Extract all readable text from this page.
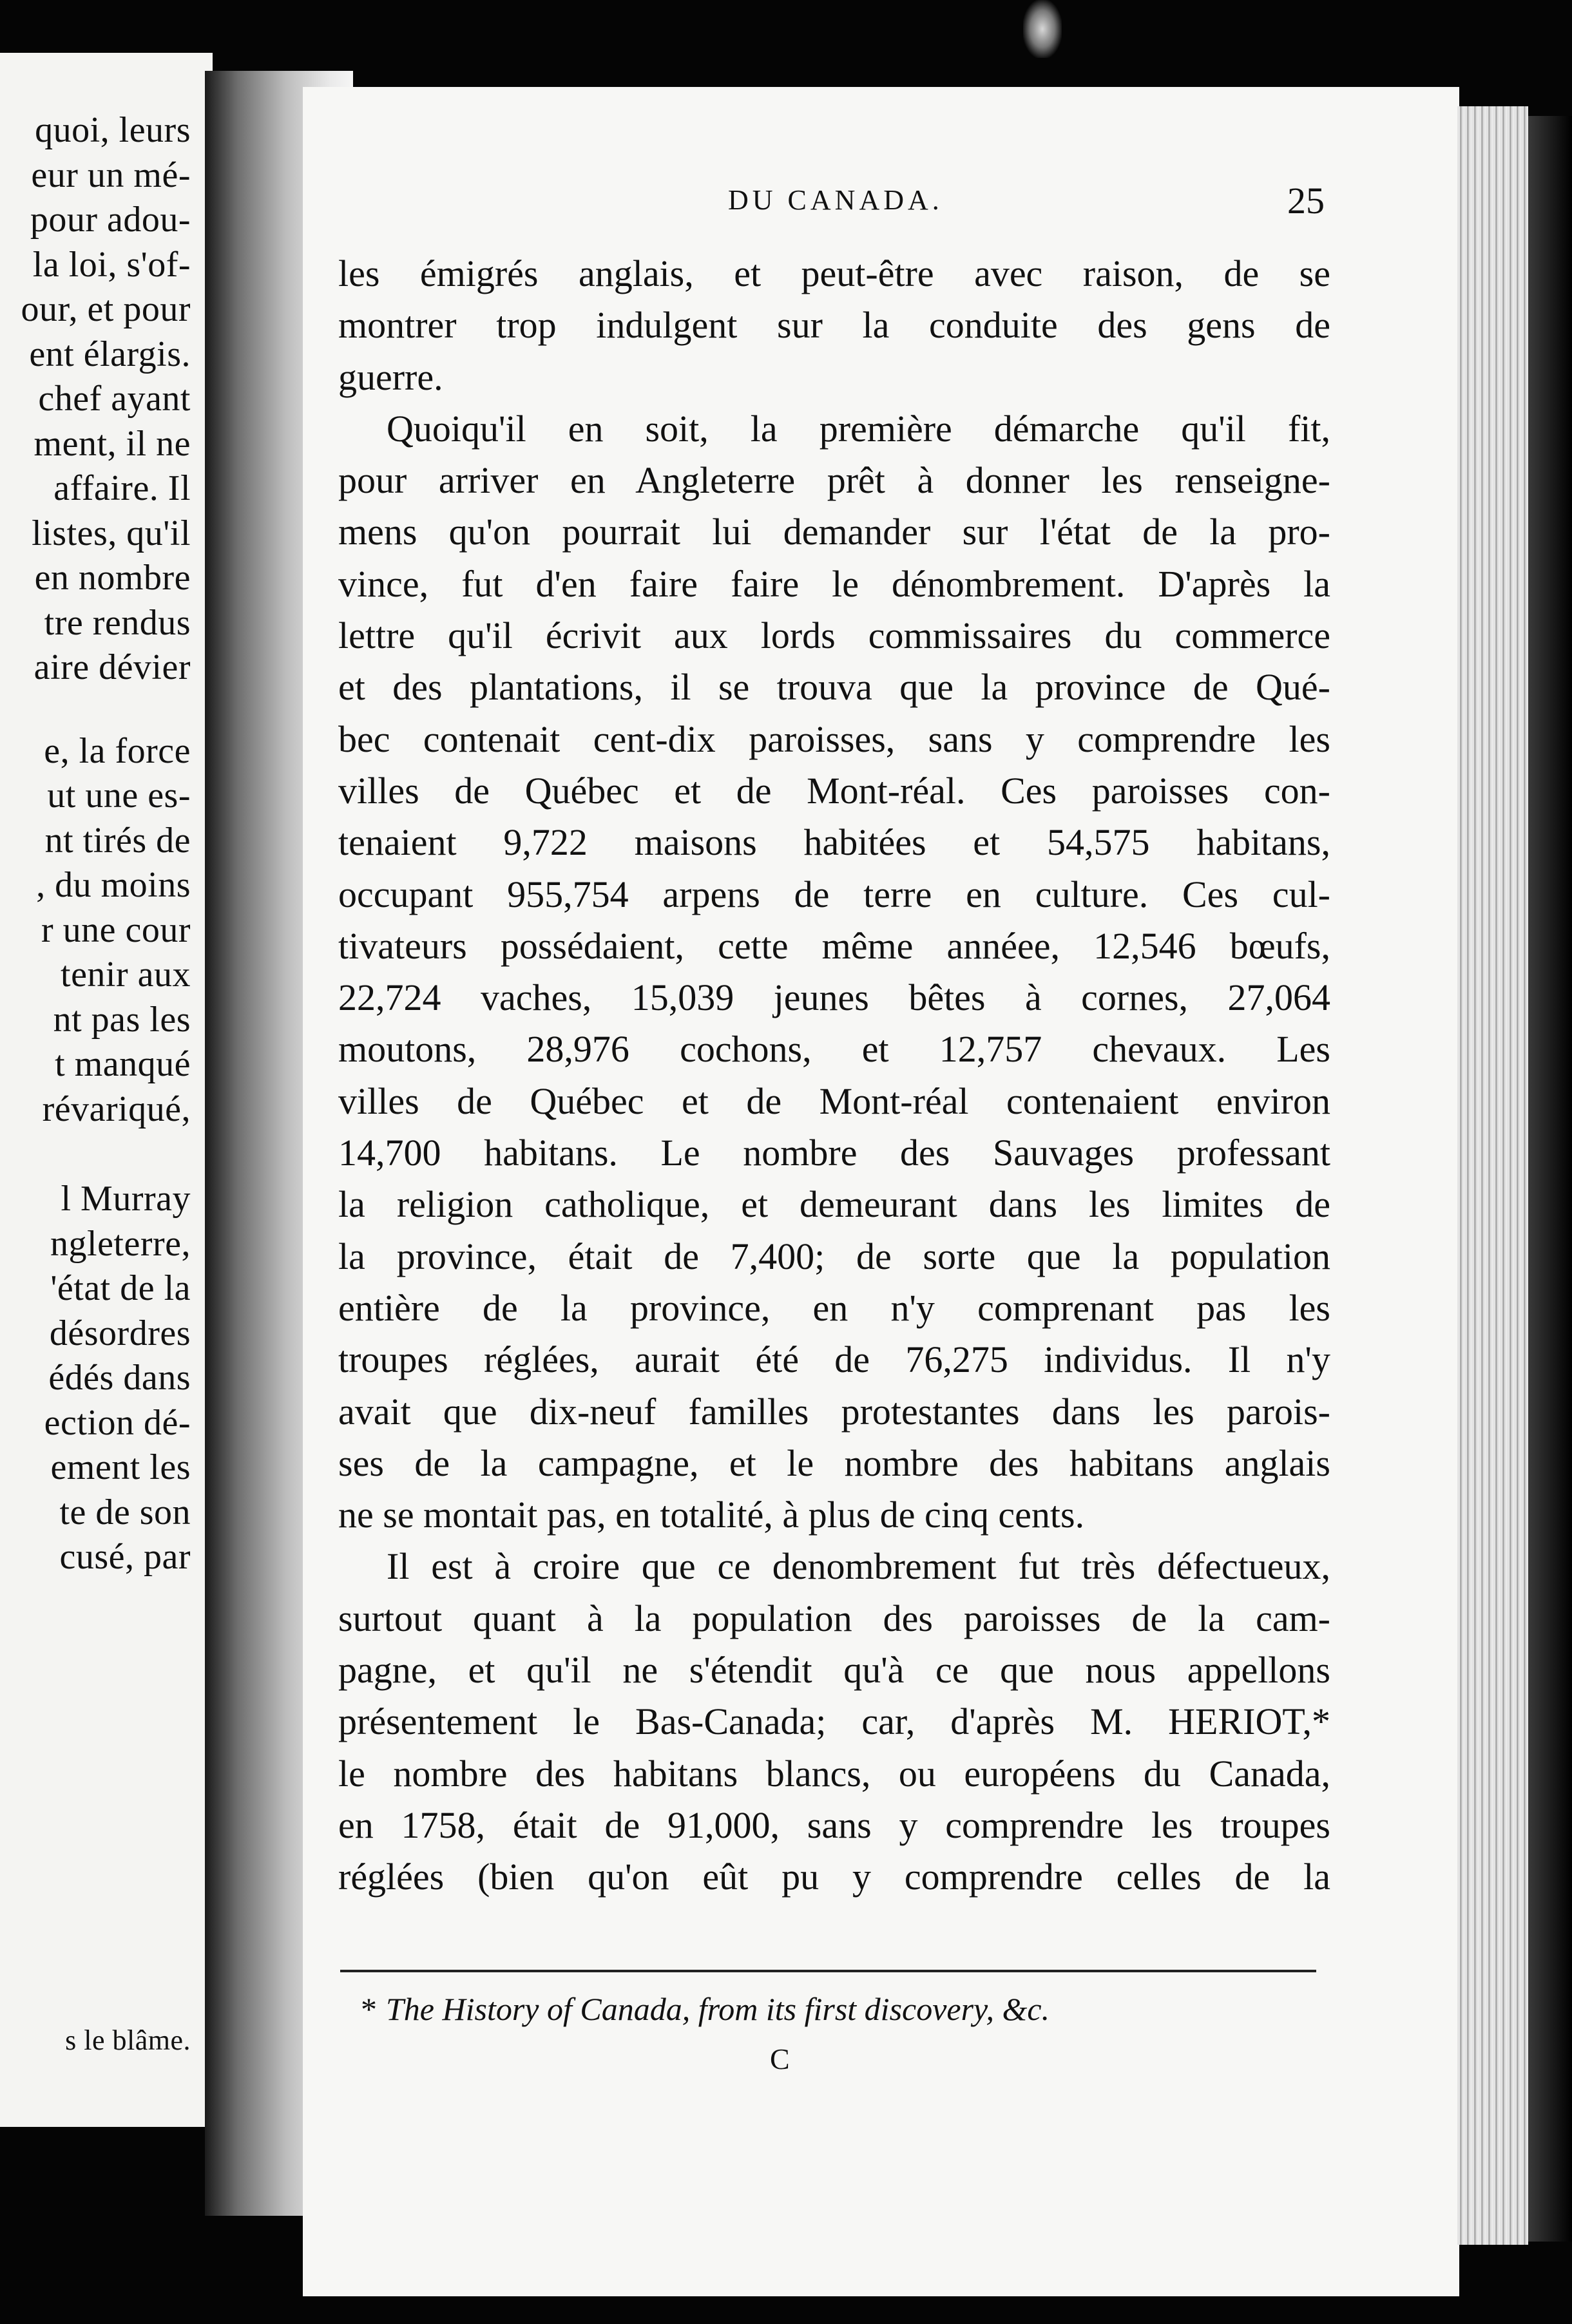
quoi, leurs
eur un mé-
pour adou-
la loi, s'of-
our, et pour
ent élargis.
chef ayant
ment, il ne
affaire. Il
listes, qu'il
en nombre
tre rendus
aire dévier
e, la force
ut une es-
nt tirés de
, du moins
r une cour
tenir aux
nt pas les
t manqué
révariqué,
l Murray
ngleterre,
'état de la
désordres
édés dans
ection dé-
ement les
te de son
cusé, par
s le blâme.
DU CANADA.	25
les émigrés anglais, et peut-être avec raison, de se
montrer trop indulgent sur la conduite des gens de
guerre.
Quoiqu'il en soit, la première démarche qu'il fit,
pour arriver en Angleterre prêt à donner les renseigne-
mens qu'on pourrait lui demander sur l'état de la pro-
vince, fut d'en faire faire le dénombrement. D'après la
lettre qu'il écrivit aux lords commissaires du commerce
et des plantations, il se trouva que la province de Qué-
bec contenait cent-dix paroisses, sans y comprendre les
villes de Québec et de Mont-réal. Ces paroisses con-
tenaient 9,722 maisons habitées et 54,575 habitans,
occupant 955,754 arpens de terre en culture. Ces cul-
tivateurs possédaient, cette même annéee, 12,546 bœufs,
22,724 vaches, 15,039 jeunes bêtes à cornes, 27,064
moutons, 28,976 cochons, et 12,757 chevaux. Les
villes de Québec et de Mont-réal contenaient environ
14,700 habitans. Le nombre des Sauvages professant
la religion catholique, et demeurant dans les limites de
la province, était de 7,400; de sorte que la population
entière de la province, en n'y comprenant pas les
troupes réglées, aurait été de 76,275 individus. Il n'y
avait que dix-neuf familles protestantes dans les parois-
ses de la campagne, et le nombre des habitans anglais
ne se montait pas, en totalité, à plus de cinq cents.
Il est à croire que ce denombrement fut très défectueux,
surtout quant à la population des paroisses de la cam-
pagne, et qu'il ne s'étendit qu'à ce que nous appellons
présentement le Bas-Canada; car, d'après M. HERIOT,*
le nombre des habitans blancs, ou européens du Canada,
en 1758, était de 91,000, sans y comprendre les troupes
réglées (bien qu'on eût pu y comprendre celles de la
* The History of Canada, from its first discovery, &c.
C
